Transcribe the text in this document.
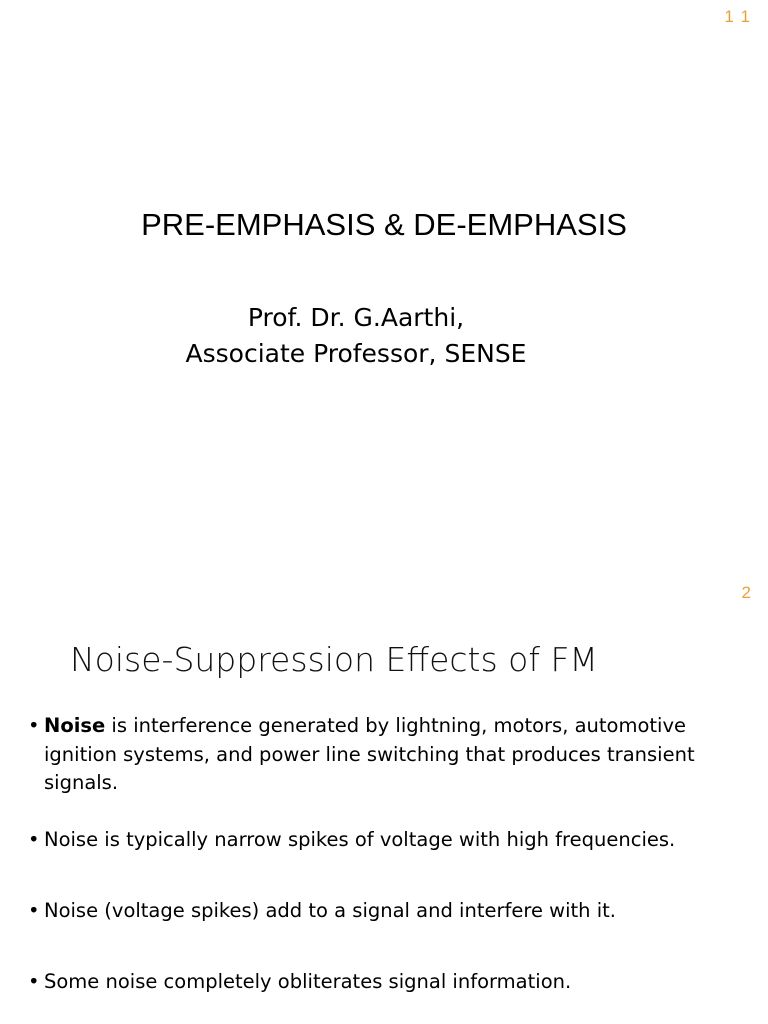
1 1
PRE-EMPHASIS & DE-EMPHASIS
Prof. Dr. G.Aarthi,
Associate Professor, SENSE
2
Noise-Suppression Effects of FM
• Noise is interference generated by lightning, motors, automotive ignition systems, and power line switching that produces transient signals.
• Noise is typically narrow spikes of voltage with high frequencies.
• Noise (voltage spikes) add to a signal and interfere with it.
• Some noise completely obliterates signal information.
